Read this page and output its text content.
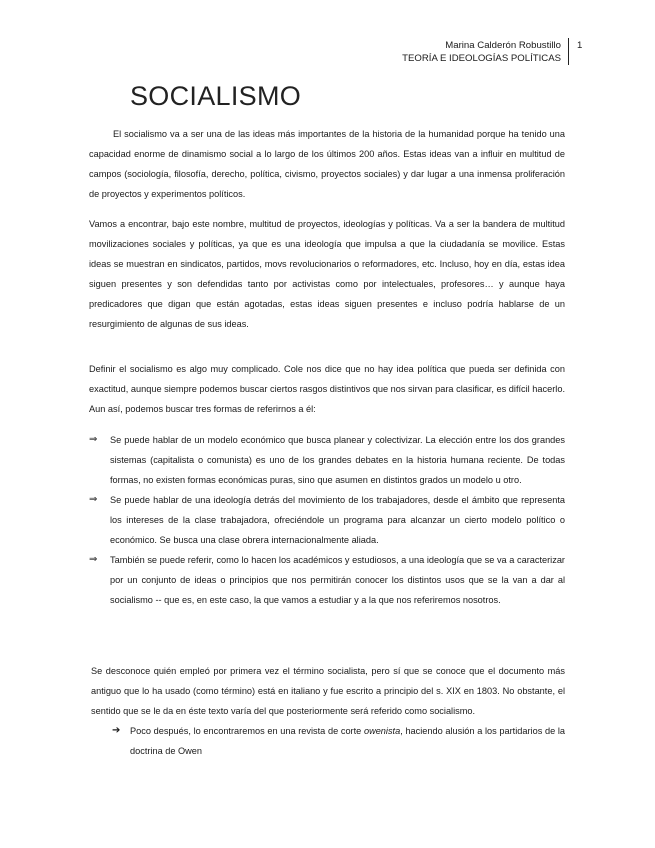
Marina Calderón Robustillo
TEORÍA E IDEOLOGÍAS POLÍTICAS
1
SOCIALISMO

El socialismo va a ser una de las ideas más importantes de la historia de la humanidad porque ha tenido una capacidad enorme de dinamismo social a lo largo de los últimos 200 años. Estas ideas van a influir en multitud de campos (sociología, filosofía, derecho, política, civismo, proyectos sociales) y dar lugar a una inmensa proliferación de proyectos y experimentos políticos.

Vamos a encontrar, bajo este nombre, multitud de proyectos, ideologías y políticas. Va a ser la bandera de multitud movilizaciones sociales y políticas, ya que es una ideología que impulsa a que la ciudadanía se movilice. Estas ideas se muestran en sindicatos, partidos, movs revolucionarios o reformadores, etc. Incluso, hoy en día, estas idea siguen presentes y son defendidas tanto por activistas como por intelectuales, profesores… y aunque haya predicadores que digan que están agotadas, estas ideas siguen presentes e incluso podría hablarse de un resurgimiento de algunas de sus ideas.

Definir el socialismo es algo muy complicado. Cole nos dice que no hay idea política que pueda ser definida con exactitud, aunque siempre podemos buscar ciertos rasgos distintivos que nos sirvan para clasificar, es difícil hacerlo. Aun así, podemos buscar tres formas de referirnos a él:

⇒ Se puede hablar de un modelo económico que busca planear y colectivizar. La elección entre los dos grandes sistemas (capitalista o comunista) es uno de los grandes debates en la historia humana reciente. De todas formas, no existen formas económicas puras, sino que asumen en distintos grados un modelo u otro.
⇒ Se puede hablar de una ideología detrás del movimiento de los trabajadores, desde el ámbito que representa los intereses de la clase trabajadora, ofreciéndole un programa para alcanzar un cierto modelo político o económico. Se busca una clase obrera internacionalmente aliada.
⇒ También se puede referir, como lo hacen los académicos y estudiosos, a una ideología que se va a caracterizar por un conjunto de ideas o principios que nos permitirán conocer los distintos usos que se la van a dar al socialismo -- que es, en este caso, la que vamos a estudiar y a la que nos referiremos nosotros.

Se desconoce quién empleó por primera vez el término socialista, pero sí que se conoce que el documento más antiguo que lo ha usado (como término) está en italiano y fue escrito a principio del s. XIX en 1803. No obstante, el sentido que se le da en éste texto varía del que posteriormente será referido como socialismo.

➔ Poco después, lo encontraremos en una revista de corte owenista, haciendo alusión a los partidarios de la doctrina de Owen
